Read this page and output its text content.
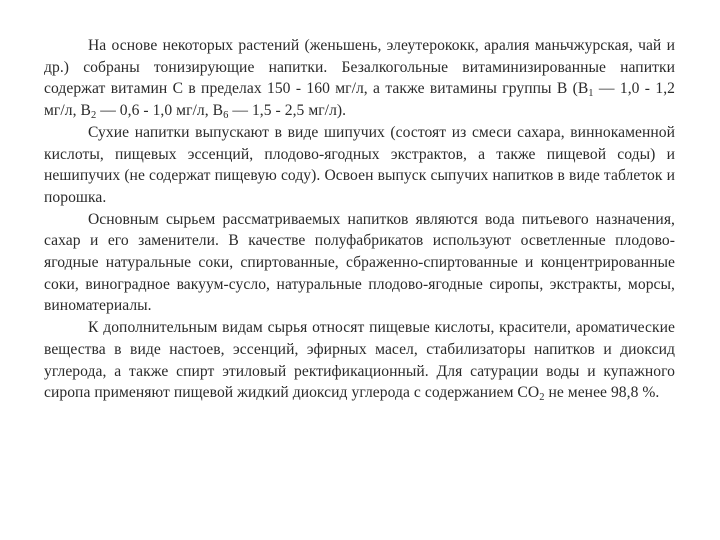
На основе некоторых растений (женьшень, элеутерококк, аралия маньчжурская, чай и др.) собраны тонизирующие напитки. Безалкогольные витаминизированные напитки содержат витамин С в пределах 150 - 160 мг/л, а также витамины группы В ($В_1$ — 1,0 - 1,2 мг/л, $В_2$ — 0,6 - 1,0 мг/л, $В_6$ — 1,5 - 2,5 мг/л).

Сухие напитки выпускают в виде шипучих (состоят из смеси сахара, виннокаменной кислоты, пищевых эссенций, плодово-ягодных экстрактов, а также пищевой соды) и нешипучих (не содержат пищевую соду). Освоен выпуск сыпучих напитков в виде таблеток и порошка.

Основным сырьем рассматриваемых напитков являются вода питьевого назначения, сахар и его заменители. В качестве полуфабрикатов используют осветленные плодово-ягодные натуральные соки, спиртованные, сбраженно-спиртованные и концентрированные соки, виноградное вакуум-сусло, натуральные плодово-ягодные сиропы, экстракты, морсы, виноматериалы.

К дополнительным видам сырья относят пищевые кислоты, красители, ароматические вещества в виде настоев, эссенций, эфирных масел, стабилизаторы напитков и диоксид углерода, а также спирт этиловый ректификационный. Для сатурации воды и купажного сиропа применяют пищевой жидкий диоксид углерода с содержанием $СО_2$ не менее 98,8 %.
